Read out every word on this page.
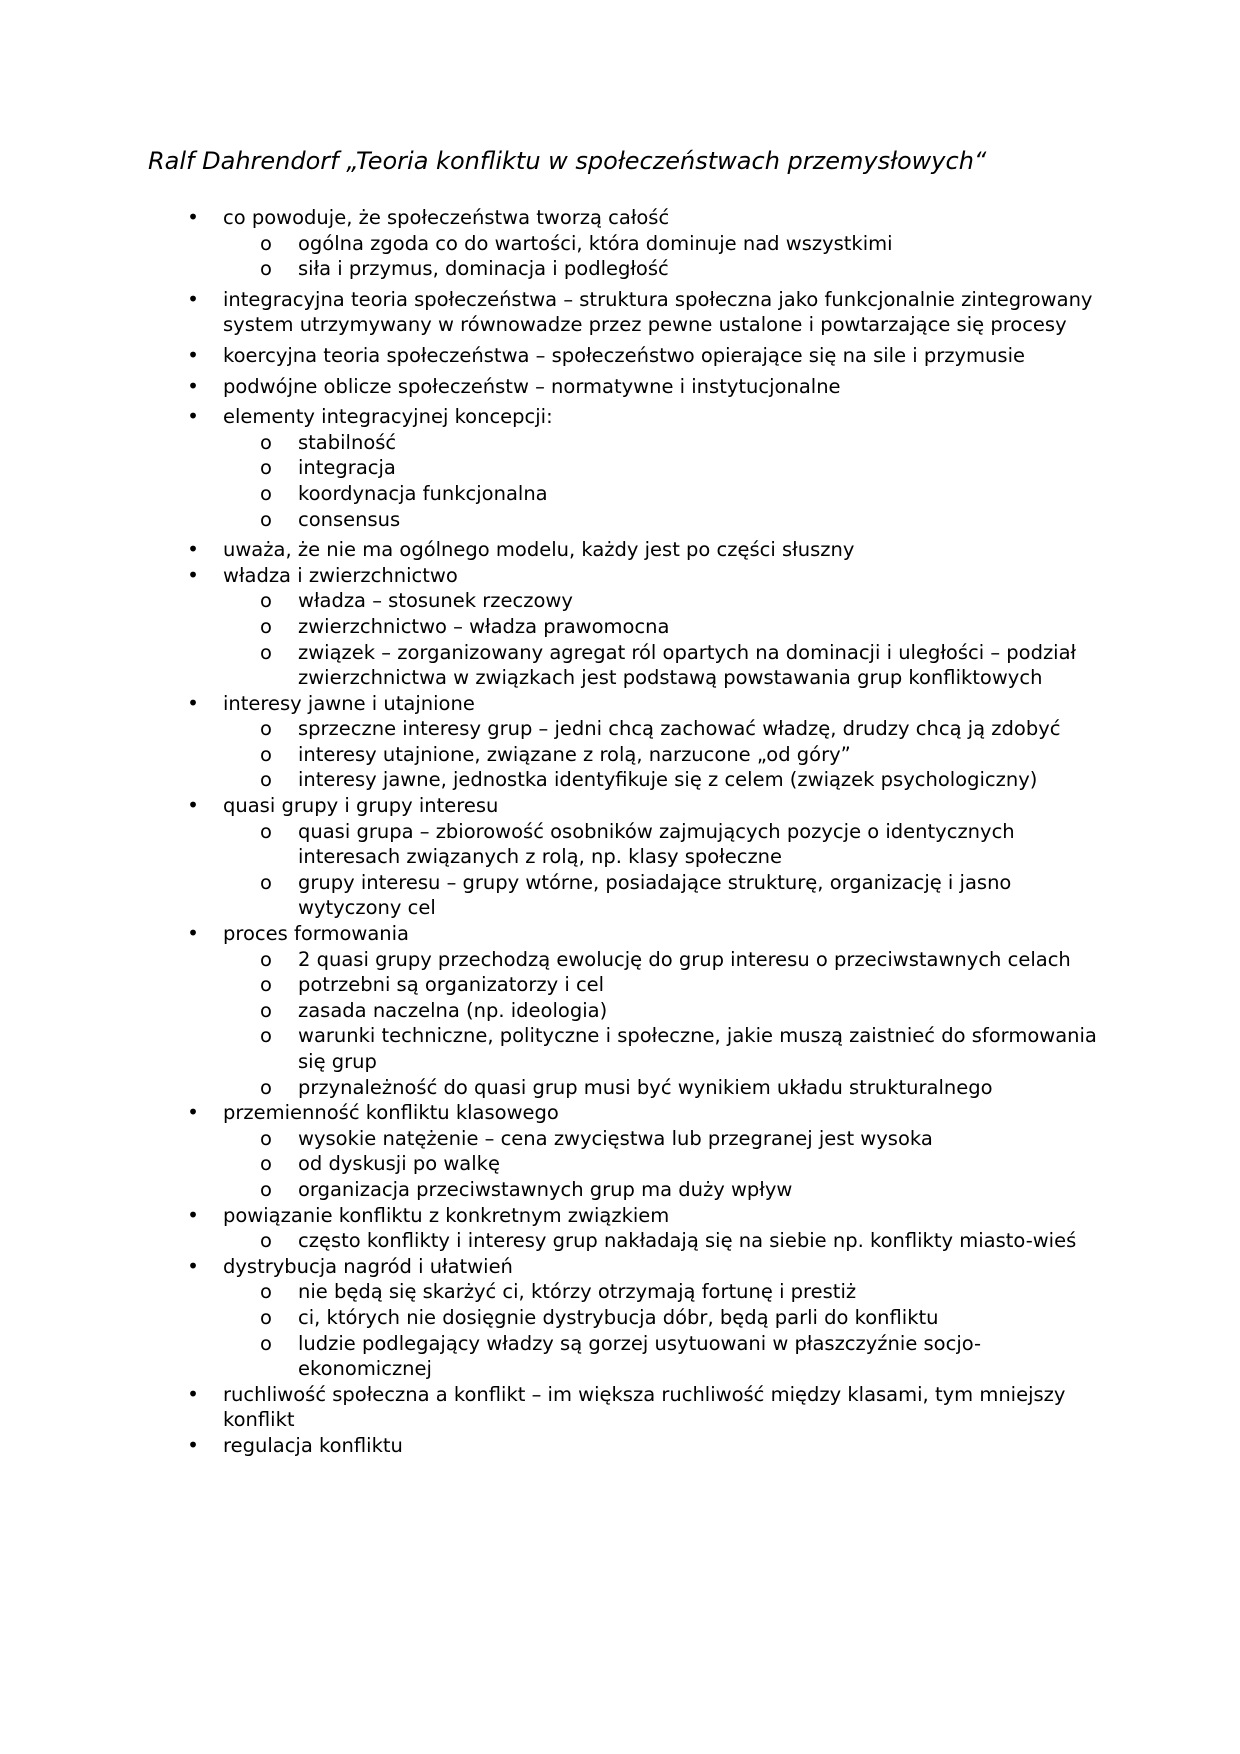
Ralf Dahrendorf „Teoria konfliktu w społeczeństwach przemysłowych“
• co powoduje, że społeczeństwa tworzą całość
o ogólna zgoda co do wartości, która dominuje nad wszystkimi
o siła i przymus, dominacja i podległość
• integracyjna teoria społeczeństwa – struktura społeczna jako funkcjonalnie zintegrowany system utrzymywany w równowadze przez pewne ustalone i powtarzające się procesy
• koercyjna teoria społeczeństwa – społeczeństwo opierające się na sile i przymusie
• podwójne oblicze społeczeństw – normatywne i instytucjonalne
• elementy integracyjnej koncepcji:
o stabilność
o integracja
o koordynacja funkcjonalna
o consensus
• uważa, że nie ma ogólnego modelu, każdy jest po części słuszny
• władza i zwierzchnictwo
o władza – stosunek rzeczowy
o zwierzchnictwo – władza prawomocna
o związek – zorganizowany agregat ról opartych na dominacji i uległości – podział zwierzchnictwa w związkach jest podstawą powstawania grup konfliktowych
• interesy jawne i utajnione
o sprzeczne interesy grup – jedni chcą zachować władzę, drudzy chcą ją zdobyć
o interesy utajnione, związane z rolą, narzucone „od góry”
o interesy jawne, jednostka identyfikuje się z celem (związek psychologiczny)
• quasi grupy i grupy interesu
o quasi grupa – zbiorowość osobników zajmujących pozycje o identycznych interesach związanych z rolą, np. klasy społeczne
o grupy interesu – grupy wtórne, posiadające strukturę, organizację i jasno wytyczony cel
• proces formowania
o 2 quasi grupy przechodzą ewolucję do grup interesu o przeciwstawnych celach
o potrzebni są organizatorzy i cel
o zasada naczelna (np. ideologia)
o warunki techniczne, polityczne i społeczne, jakie muszą zaistnieć do sformowania się grup
o przynależność do quasi grup musi być wynikiem układu strukturalnego
• przemienność konfliktu klasowego
o wysokie natężenie – cena zwycięstwa lub przegranej jest wysoka
o od dyskusji po walkę
o organizacja przeciwstawnych grup ma duży wpływ
• powiązanie konfliktu z konkretnym związkiem
o często konflikty i interesy grup nakładają się na siebie np. konflikty miasto-wieś
• dystrybucja nagród i ułatwień
o nie będą się skarżyć ci, którzy otrzymają fortunę i prestiż
o ci, których nie dosięgnie dystrybucja dóbr, będą parli do konfliktu
o ludzie podlegający władzy są gorzej usytuowani w płaszczyźnie socjo-ekonomicznej
• ruchliwość społeczna a konflikt – im większa ruchliwość między klasami, tym mniejszy konflikt
• regulacja konfliktu
